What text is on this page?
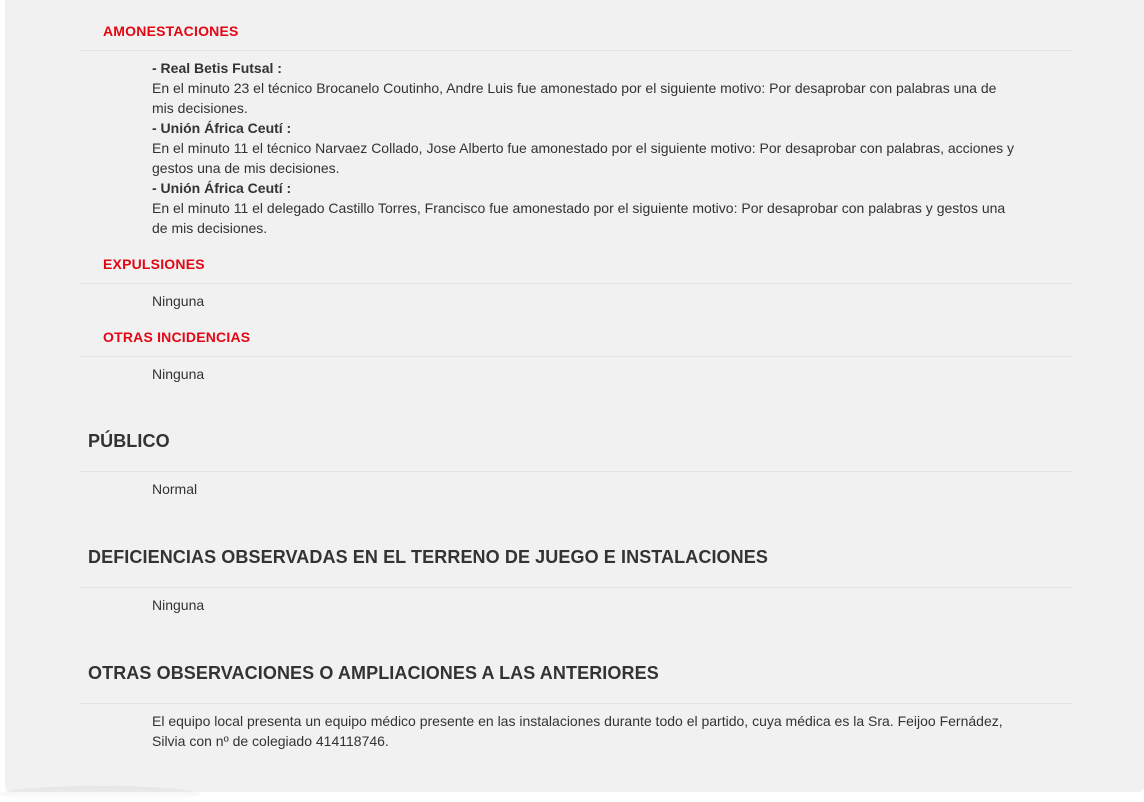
AMONESTACIONES
- Real Betis Futsal :
En el minuto 23 el técnico Brocanelo Coutinho, Andre Luis fue amonestado por el siguiente motivo: Por desaprobar con palabras una de mis decisiones.
- Unión África Ceutí :
En el minuto 11 el técnico Narvaez Collado, Jose Alberto fue amonestado por el siguiente motivo: Por desaprobar con palabras, acciones y gestos una de mis decisiones.
- Unión África Ceutí :
En el minuto 11 el delegado Castillo Torres, Francisco fue amonestado por el siguiente motivo: Por desaprobar con palabras y gestos una de mis decisiones.
EXPULSIONES
Ninguna
OTRAS INCIDENCIAS
Ninguna
PÚBLICO
Normal
DEFICIENCIAS OBSERVADAS EN EL TERRENO DE JUEGO E INSTALACIONES
Ninguna
OTRAS OBSERVACIONES O AMPLIACIONES A LAS ANTERIORES
El equipo local presenta un equipo médico presente en las instalaciones durante todo el partido, cuya médica es la Sra. Feijoo Fernádez, Silvia con nº de colegiado 414118746.
